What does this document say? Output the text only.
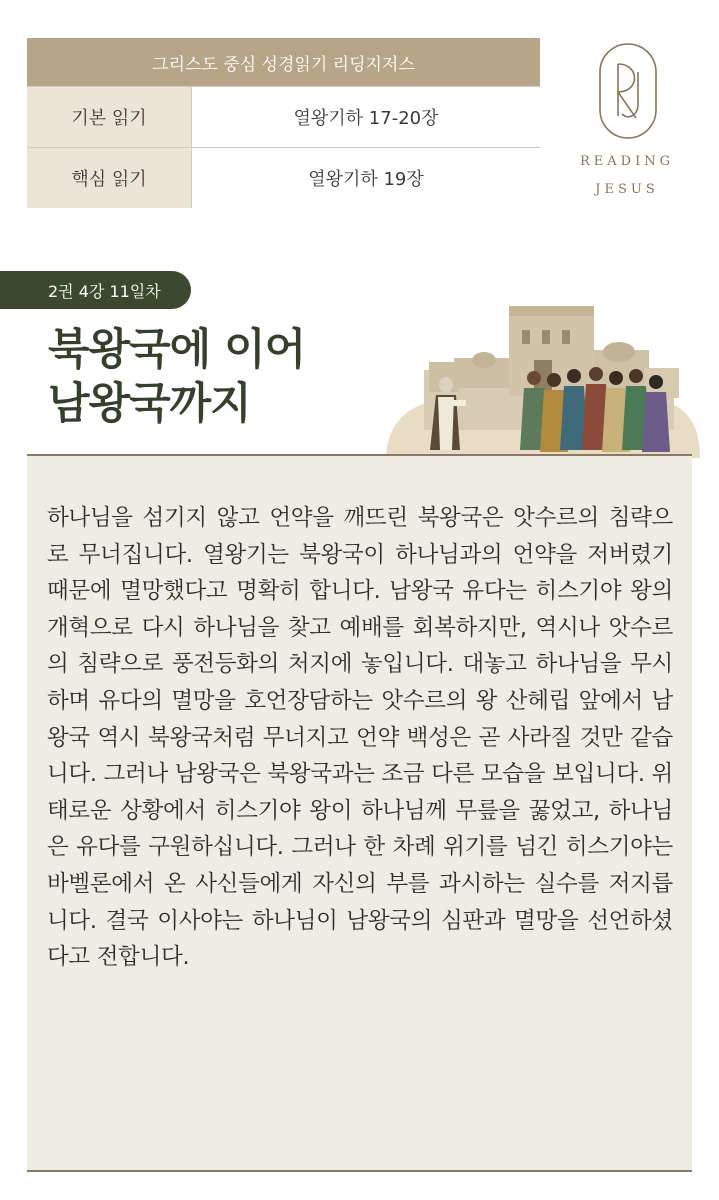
그리스도 중심 성경읽기 리딩지저스
기본 읽기	열왕기하 17-20장
핵심 읽기	열왕기하 19장
READING
JESUS
2권 4강 11일차
북왕국에 이어
남왕국까지
하나님을 섬기지 않고 언약을 깨뜨린 북왕국은 앗수르의 침략으로 무너집니다. 열왕기는 북왕국이 하나님과의 언약을 저버렸기 때문에 멸망했다고 명확히 합니다. 남왕국 유다는 히스기야 왕의 개혁으로 다시 하나님을 찾고 예배를 회복하지만, 역시나 앗수르의 침략으로 풍전등화의 처지에 놓입니다. 대놓고 하나님을 무시하며 유다의 멸망을 호언장담하는 앗수르의 왕 산헤립 앞에서 남왕국 역시 북왕국처럼 무너지고 언약 백성은 곧 사라질 것만 같습니다. 그러나 남왕국은 북왕국과는 조금 다른 모습을 보입니다. 위태로운 상황에서 히스기야 왕이 하나님께 무릎을 꿇었고, 하나님은 유다를 구원하십니다. 그러나 한 차례 위기를 넘긴 히스기야는 바벨론에서 온 사신들에게 자신의 부를 과시하는 실수를 저지릅니다. 결국 이사야는 하나님이 남왕국의 심판과 멸망을 선언하셨다고 전합니다.
